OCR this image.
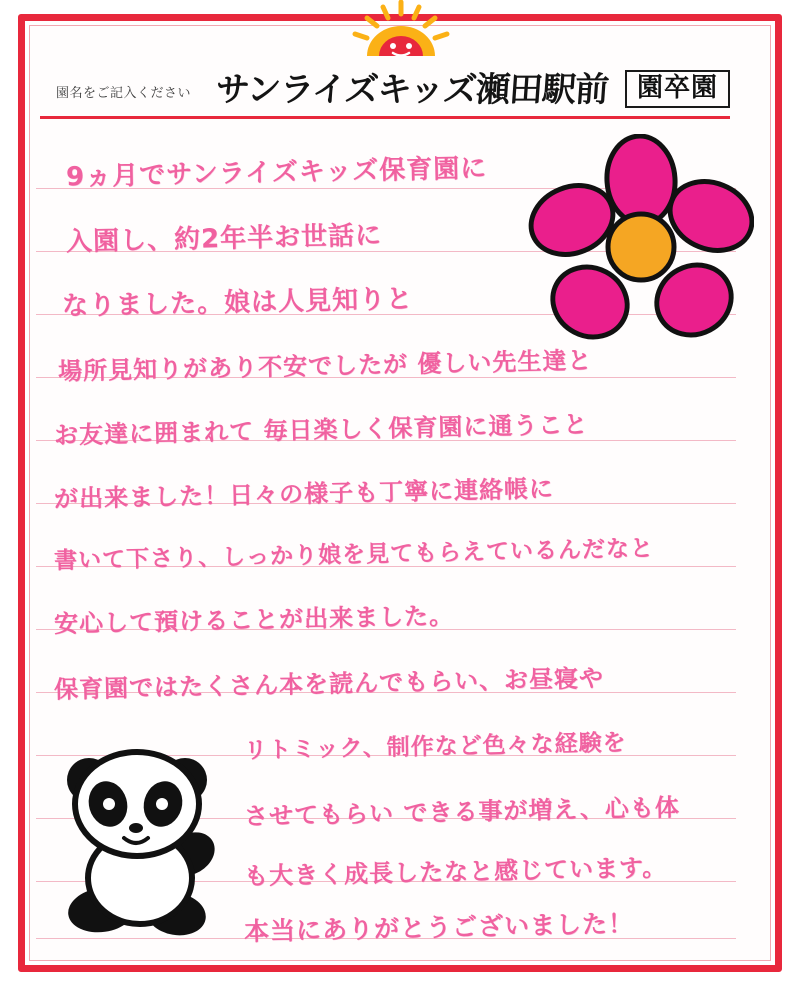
園名をご記入ください サンライズキッズ瀬田駅前	園卒園
9ヵ月でサンライズキッズ保育園に
入園し、約2年半お世話に
なりました。娘は人見知りと
場所見知りがあり不安でしたが 優しい先生達と
お友達に囲まれて 毎日楽しく保育園に通うこと
が出来ました！日々の様子も丁寧に連絡帳に
書いて下さり、しっかり娘を見てもらえているんだなと
安心して預けることが出来ました。
保育園ではたくさん本を読んでもらい、お昼寝や
リトミック、制作など色々な経験を
させてもらい できる事が増え、心も体
も大きく成長したなと感じています。
本当にありがとうございました！
